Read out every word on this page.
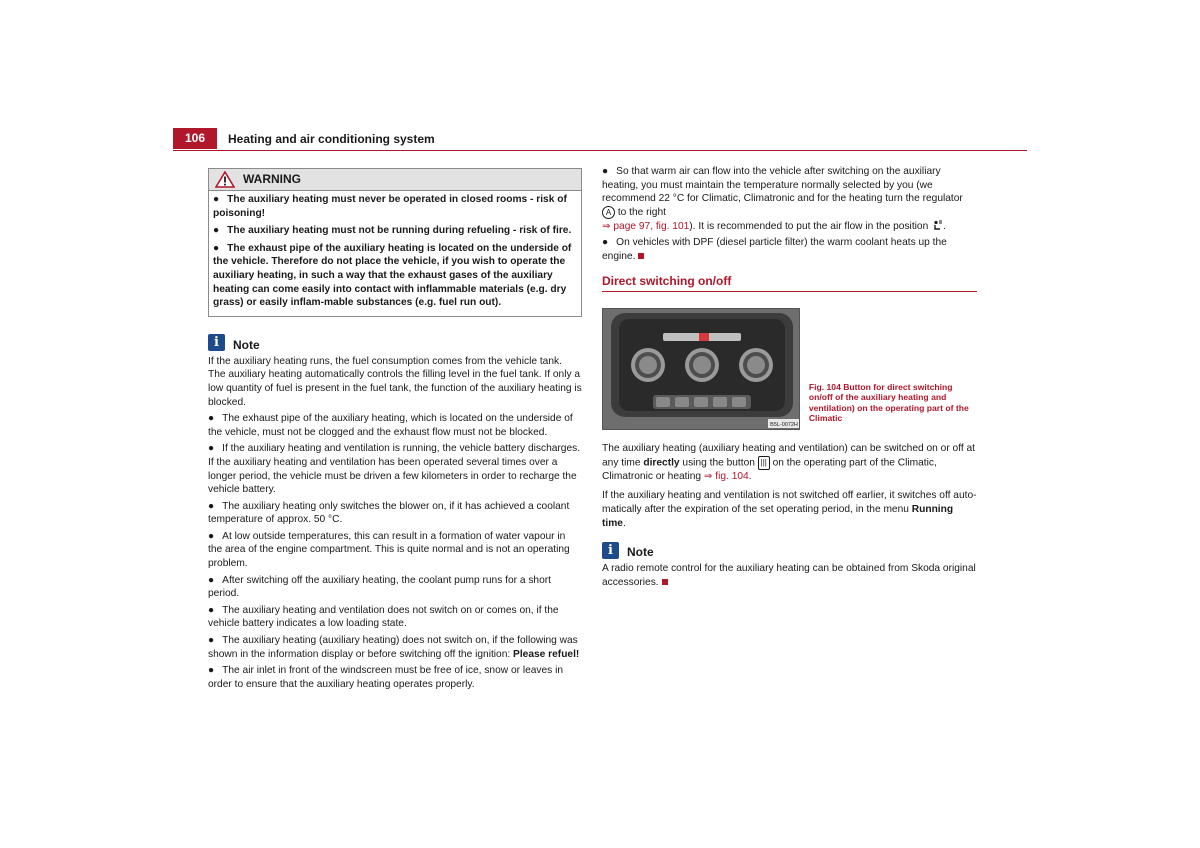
106	Heating and air conditioning system
WARNING

● The auxiliary heating must never be operated in closed rooms - risk of poisoning!

● The auxiliary heating must not be running during refueling - risk of fire.

● The exhaust pipe of the auxiliary heating is located on the underside of the vehicle. Therefore do not place the vehicle, if you wish to operate the auxiliary heating, in such a way that the exhaust gases of the auxiliary heating can come easily into contact with inflammable materials (e.g. dry grass) or easily inflam-mable substances (e.g. fuel run out).

i	Note

If the auxiliary heating runs, the fuel consumption comes from the vehicle tank. The auxiliary heating automatically controls the filling level in the fuel tank. If only a low quantity of fuel is present in the fuel tank, the function of the auxiliary heating is blocked.

● The exhaust pipe of the auxiliary heating, which is located on the underside of the vehicle, must not be clogged and the exhaust flow must not be blocked.

● If the auxiliary heating and ventilation is running, the vehicle battery discharges. If the auxiliary heating and ventilation has been operated several times over a longer period, the vehicle must be driven a few kilometers in order to recharge the vehicle battery.

● The auxiliary heating only switches the blower on, if it has achieved a coolant temperature of approx. 50 °C.

● At low outside temperatures, this can result in a formation of water vapour in the area of the engine compartment. This is quite normal and is not an operating problem.

● After switching off the auxiliary heating, the coolant pump runs for a short period.

● The auxiliary heating and ventilation does not switch on or comes on, if the vehicle battery indicates a low loading state.

● The auxiliary heating (auxiliary heating) does not switch on, if the following was shown in the information display or before switching off the ignition: Please refuel!

● The air inlet in front of the windscreen must be free of ice, snow or leaves in order to ensure that the auxiliary heating operates properly.

● So that warm air can flow into the vehicle after switching on the auxiliary heating, you must maintain the temperature normally selected by you (we recommend 22 °C for Climatic, Climatronic and for the heating turn the regulator A to the right
⇒ page 97, fig. 101). It is recommended to put the air flow in the position .

● On vehicles with DPF (diesel particle filter) the warm coolant heats up the engine.

Direct switching on/off
B5L-0072H
Fig. 104 Button for direct switching on/off of the auxiliary heating and ventilation) on the operating part of the Climatic

The auxiliary heating (auxiliary heating and ventilation) can be switched on or off at any time directly using the button ||| on the operating part of the Climatic, Climatronic or heating ⇒ fig. 104.

If the auxiliary heating and ventilation is not switched off earlier, it switches off auto-matically after the expiration of the set operating period, in the menu Running time.

i	Note

A radio remote control for the auxiliary heating can be obtained from Skoda original accessories.
